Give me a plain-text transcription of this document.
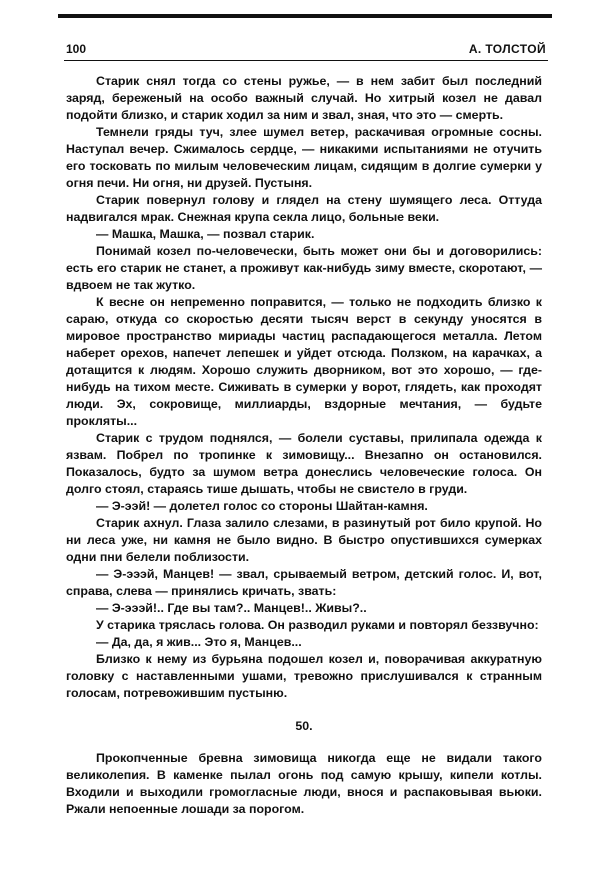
100	А. ТОЛСТОЙ

Старик снял тогда со стены ружье, — в нем забит был последний заряд, береженый на особо важный случай. Но хитрый козел не давал подойти близко, и старик ходил за ним и звал, зная, что это — смерть.

Темнели гряды туч, злее шумел ветер, раскачивая огромные сосны. Наступал вечер. Сжималось сердце, — никакими испытаниями не отучить его тосковать по милым человеческим лицам, сидящим в долгие сумерки у огня печи. Ни огня, ни друзей. Пустыня.

Старик повернул голову и глядел на стену шумящего леса. Оттуда надвигался мрак. Снежная крупа секла лицо, больные веки.

— Машка, Машка, — позвал старик.

Понимай козел по-человечески, быть может они бы и договорились: есть его старик не станет, а проживут как-нибудь зиму вместе, скоротают, — вдвоем не так жутко.

К весне он непременно поправится, — только не подходить близко к сараю, откуда со скоростью десяти тысяч верст в секунду уносятся в мировое пространство мириады частиц распадающегося металла. Летом наберет орехов, напечет лепешек и уйдет отсюда. Ползком, на карачках, а дотащится к людям. Хорошо служить дворником, вот это хорошо, — где-нибудь на тихом месте. Сиживать в сумерки у ворот, глядеть, как проходят люди. Эх, сокровище, миллиарды, вздорные мечтания, — будьте прокляты...

Старик с трудом поднялся, — болели суставы, прилипала одежда к язвам. Побрел по тропинке к зимовищу... Внезапно он остановился. Показалось, будто за шумом ветра донеслись человеческие голоса. Он долго стоял, стараясь тише дышать, чтобы не свистело в груди.

— Э-ээй! — долетел голос со стороны Шайтан-камня.

Старик ахнул. Глаза залило слезами, в разинутый рот било крупой. Но ни леса уже, ни камня не было видно. В быстро опустившихся сумерках одни пни белели поблизости.

— Э-эээй, Манцев! — звал, срываемый ветром, детский голос. И, вот, справа, слева — принялись кричать, звать:

— Э-эээй!.. Где вы там?.. Манцев!.. Живы?..

У старика тряслась голова. Он разводил руками и повторял беззвучно:

— Да, да, я жив... Это я, Манцев...

Близко к нему из бурьяна подошел козел и, поворачивая аккуратную головку с наставленными ушами, тревожно прислушивался к странным голосам, потревожившим пустыню.

50.

Прокопченные бревна зимовища никогда еще не видали такого великолепия. В каменке пылал огонь под самую крышу, кипели котлы. Входили и выходили громогласные люди, внося и распаковывая вьюки. Ржали непоенные лошади за порогом.
